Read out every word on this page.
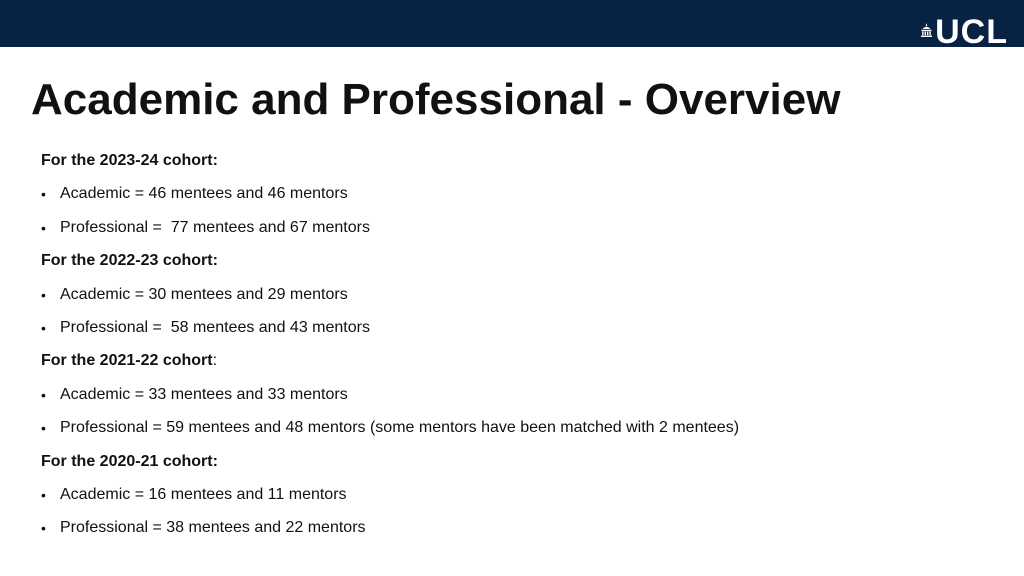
UCL
Academic and Professional - Overview
For the 2023-24 cohort:
• Academic = 46 mentees and 46 mentors
• Professional =  77 mentees and 67 mentors
For the 2022-23 cohort:
• Academic = 30 mentees and 29 mentors
• Professional =  58 mentees and 43 mentors
For the 2021-22 cohort:
• Academic = 33 mentees and 33 mentors
• Professional = 59 mentees and 48 mentors (some mentors have been matched with 2 mentees)
For the 2020-21 cohort:
• Academic = 16 mentees and 11 mentors
• Professional = 38 mentees and 22 mentors
